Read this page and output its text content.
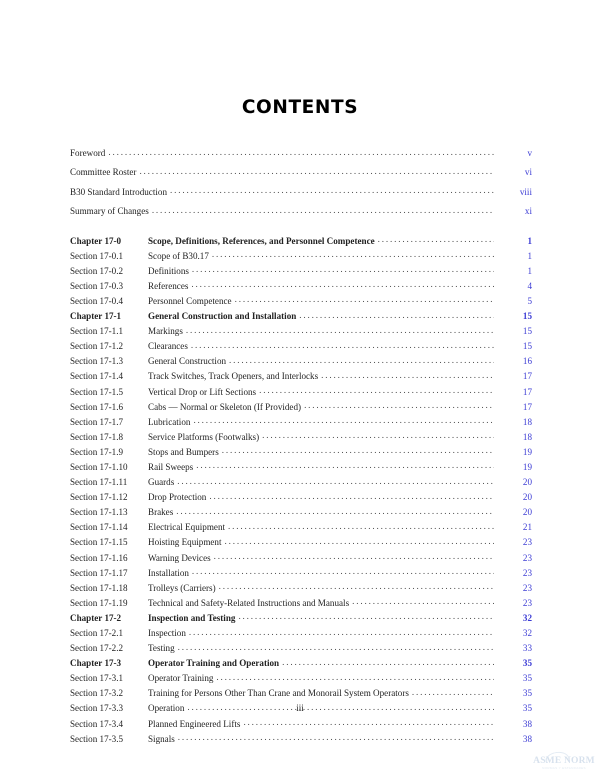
CONTENTS
Foreword .....	v
Committee Roster .....	vi
B30 Standard Introduction .....	viii
Summary of Changes .....	xi
Chapter 17-0	Scope, Definitions, References, and Personnel Competence .....	1
Section 17-0.1	Scope of B30.17 .....	1
Section 17-0.2	Definitions .....	1
Section 17-0.3	References .....	4
Section 17-0.4	Personnel Competence .....	5
Chapter 17-1	General Construction and Installation .....	15
Section 17-1.1	Markings .....	15
Section 17-1.2	Clearances .....	15
Section 17-1.3	General Construction .....	16
Section 17-1.4	Track Switches, Track Openers, and Interlocks .....	17
Section 17-1.5	Vertical Drop or Lift Sections .....	17
Section 17-1.6	Cabs — Normal or Skeleton (If Provided) .....	17
Section 17-1.7	Lubrication .....	18
Section 17-1.8	Service Platforms (Footwalks) .....	18
Section 17-1.9	Stops and Bumpers .....	19
Section 17-1.10	Rail Sweeps .....	19
Section 17-1.11	Guards .....	20
Section 17-1.12	Drop Protection .....	20
Section 17-1.13	Brakes .....	20
Section 17-1.14	Electrical Equipment .....	21
Section 17-1.15	Hoisting Equipment .....	23
Section 17-1.16	Warning Devices .....	23
Section 17-1.17	Installation .....	23
Section 17-1.18	Trolleys (Carriers) .....	23
Section 17-1.19	Technical and Safety-Related Instructions and Manuals .....	23
Chapter 17-2	Inspection and Testing .....	32
Section 17-2.1	Inspection .....	32
Section 17-2.2	Testing .....	33
Chapter 17-3	Operator Training and Operation .....	35
Section 17-3.1	Operator Training .....	35
Section 17-3.2	Training for Persons Other Than Crane and Monorail System Operators .....	35
Section 17-3.3	Operation .....	35
Section 17-3.4	Planned Engineered Lifts .....	38
Section 17-3.5	Signals .....	38
iii
ASME NORM
NORMAS Y ESTANDARES
